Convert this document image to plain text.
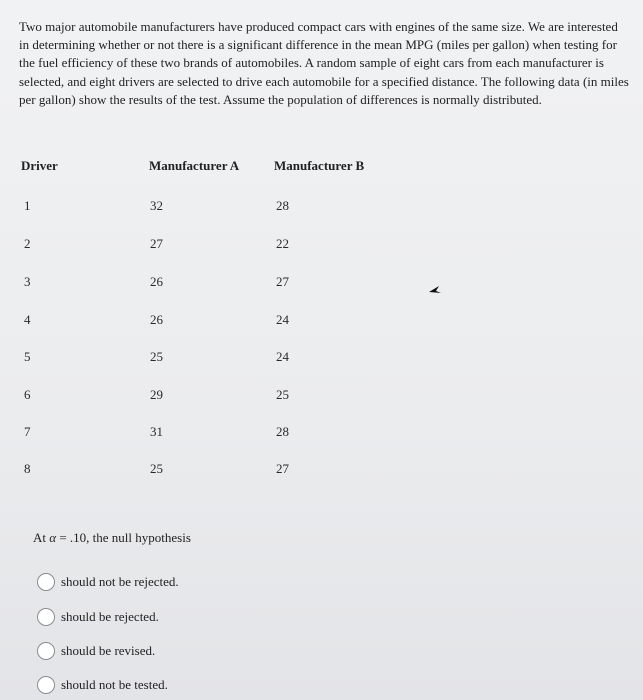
Two major automobile manufacturers have produced compact cars with engines of the same size. We are interested in determining whether or not there is a significant difference in the mean MPG (miles per gallon) when testing for the fuel efficiency of these two brands of automobiles. A random sample of eight cars from each manufacturer is selected, and eight drivers are selected to drive each automobile for a specified distance. The following data (in miles per gallon) show the results of the test. Assume the population of differences is normally distributed.
Driver	Manufacturer A	Manufacturer B
1	32	28
2	27	22
3	26	27
4	26	24
5	25	24
6	29	25
7	31	28
8	25	27
At α = .10, the null hypothesis
should not be rejected.
should be rejected.
should be revised.
should not be tested.
